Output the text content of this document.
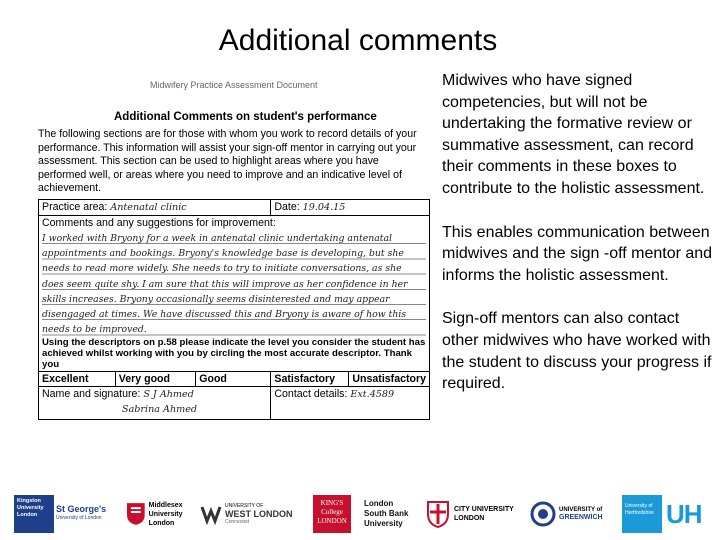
Additional comments
Midwifery Practice Assessment Document
Additional Comments on student's performance
The following sections are for those with whom you work to record details of your performance. This information will assist your sign-off mentor in carrying out your assessment. This section can be used to highlight areas where you have performed well, or areas where you need to improve and an indicative level of achievement.
Practice area: Antenatal clinic			Date: 19.04.15	

Comments and any suggestions for improvement:
I worked with Bryony for a week in antenatal clinic undertaking antenatal appointments and bookings. Bryony's knowledge base is developing, but she needs to read more widely. She needs to try to initiate conversations, as she does seem quite shy. I am sure that this will improve as her confidence in her skills increases. Bryony occasionally seems disinterested and may appear disengaged at times. We have discussed this and Bryony is aware of how this needs to be improved.
Using the descriptors on p.58 please indicate the level you consider the student has achieved whilst working with you by circling the most accurate descriptor. Thank you				

Excellent	Very good	Good	Satisfactory	Unsatisfactory
Name and signature: S J Ahmed
Sabrina Ahmed			Contact details: Ext.4589	

Midwives who have signed competencies, but will not be undertaking the formative review or summative assessment, can record their comments in these boxes to contribute to the holistic assessment.

This enables communication between midwives and the sign -off mentor and informs the holistic assessment.

Sign-off mentors can also contact other midwives who have worked with the student to discuss your progress if required.

Kingston University London
St George's
University of London
Middlesex University London
UNIVERSITY OF
WEST LONDON
Connected
KING'S College LONDON
London South Bank University
CITY UNIVERSITY LONDON
UNIVERSITY of
GREENWICH
University of Hertfordshire UH
